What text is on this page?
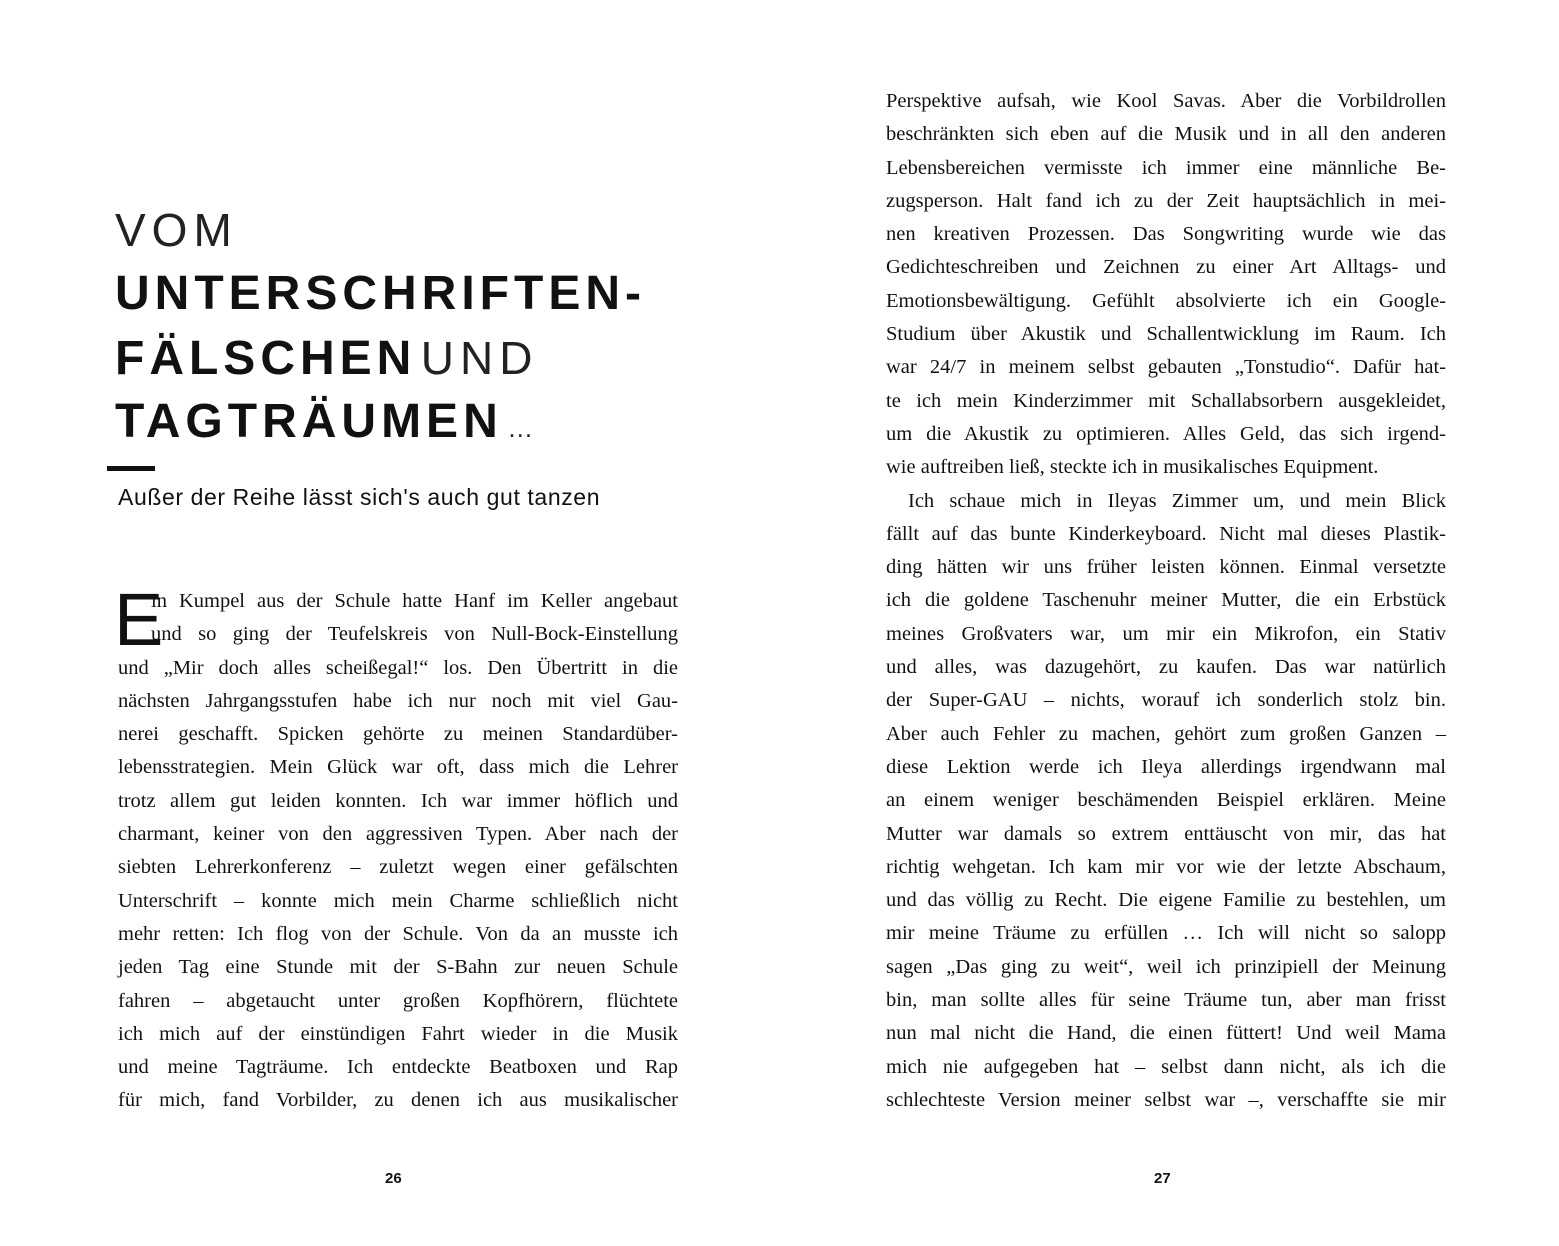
VOM
UNTERSCHRIFTEN-
FÄLSCHEN UND
TAGTRÄUMEN …
Außer der Reihe lässt sich's auch gut tanzen
E
in Kumpel aus der Schule hatte Hanf im Keller angebaut
und so ging der Teufelskreis von Null-Bock-Einstellung
und „Mir doch alles scheißegal!“ los. Den Übertritt in die
nächsten Jahrgangsstufen habe ich nur noch mit viel Gau-
nerei geschafft. Spicken gehörte zu meinen Standardüber-
lebensstrategien. Mein Glück war oft, dass mich die Lehrer
trotz allem gut leiden konnten. Ich war immer höflich und
charmant, keiner von den aggressiven Typen. Aber nach der
siebten Lehrerkonferenz – zuletzt wegen einer gefälschten
Unterschrift – konnte mich mein Charme schließlich nicht
mehr retten: Ich flog von der Schule. Von da an musste ich
jeden Tag eine Stunde mit der S-Bahn zur neuen Schule
fahren – abgetaucht unter großen Kopfhörern, flüchtete
ich mich auf der einstündigen Fahrt wieder in die Musik
und meine Tagträume. Ich entdeckte Beatboxen und Rap
für mich, fand Vorbilder, zu denen ich aus musikalischer
26
Perspektive aufsah, wie Kool Savas. Aber die Vorbildrollen
beschränkten sich eben auf die Musik und in all den anderen
Lebensbereichen vermisste ich immer eine männliche Be-
zugsperson. Halt fand ich zu der Zeit hauptsächlich in mei-
nen kreativen Prozessen. Das Songwriting wurde wie das
Gedichteschreiben und Zeichnen zu einer Art Alltags- und
Emotionsbewältigung. Gefühlt absolvierte ich ein Google-
Studium über Akustik und Schallentwicklung im Raum. Ich
war 24/7 in meinem selbst gebauten „Tonstudio“. Dafür hat-
te ich mein Kinderzimmer mit Schallabsorbern ausgekleidet,
um die Akustik zu optimieren. Alles Geld, das sich irgend-
wie auftreiben ließ, steckte ich in musikalisches Equipment.
Ich schaue mich in Ileyas Zimmer um, und mein Blick
fällt auf das bunte Kinderkeyboard. Nicht mal dieses Plastik-
ding hätten wir uns früher leisten können. Einmal versetzte
ich die goldene Taschenuhr meiner Mutter, die ein Erbstück
meines Großvaters war, um mir ein Mikrofon, ein Stativ
und alles, was dazugehört, zu kaufen. Das war natürlich
der Super-GAU – nichts, worauf ich sonderlich stolz bin.
Aber auch Fehler zu machen, gehört zum großen Ganzen –
diese Lektion werde ich Ileya allerdings irgendwann mal
an einem weniger beschämenden Beispiel erklären. Meine
Mutter war damals so extrem enttäuscht von mir, das hat
richtig wehgetan. Ich kam mir vor wie der letzte Abschaum,
und das völlig zu Recht. Die eigene Familie zu bestehlen, um
mir meine Träume zu erfüllen … Ich will nicht so salopp
sagen „Das ging zu weit“, weil ich prinzipiell der Meinung
bin, man sollte alles für seine Träume tun, aber man frisst
nun mal nicht die Hand, die einen füttert! Und weil Mama
mich nie aufgegeben hat – selbst dann nicht, als ich die
schlechteste Version meiner selbst war –, verschaffte sie mir
27
